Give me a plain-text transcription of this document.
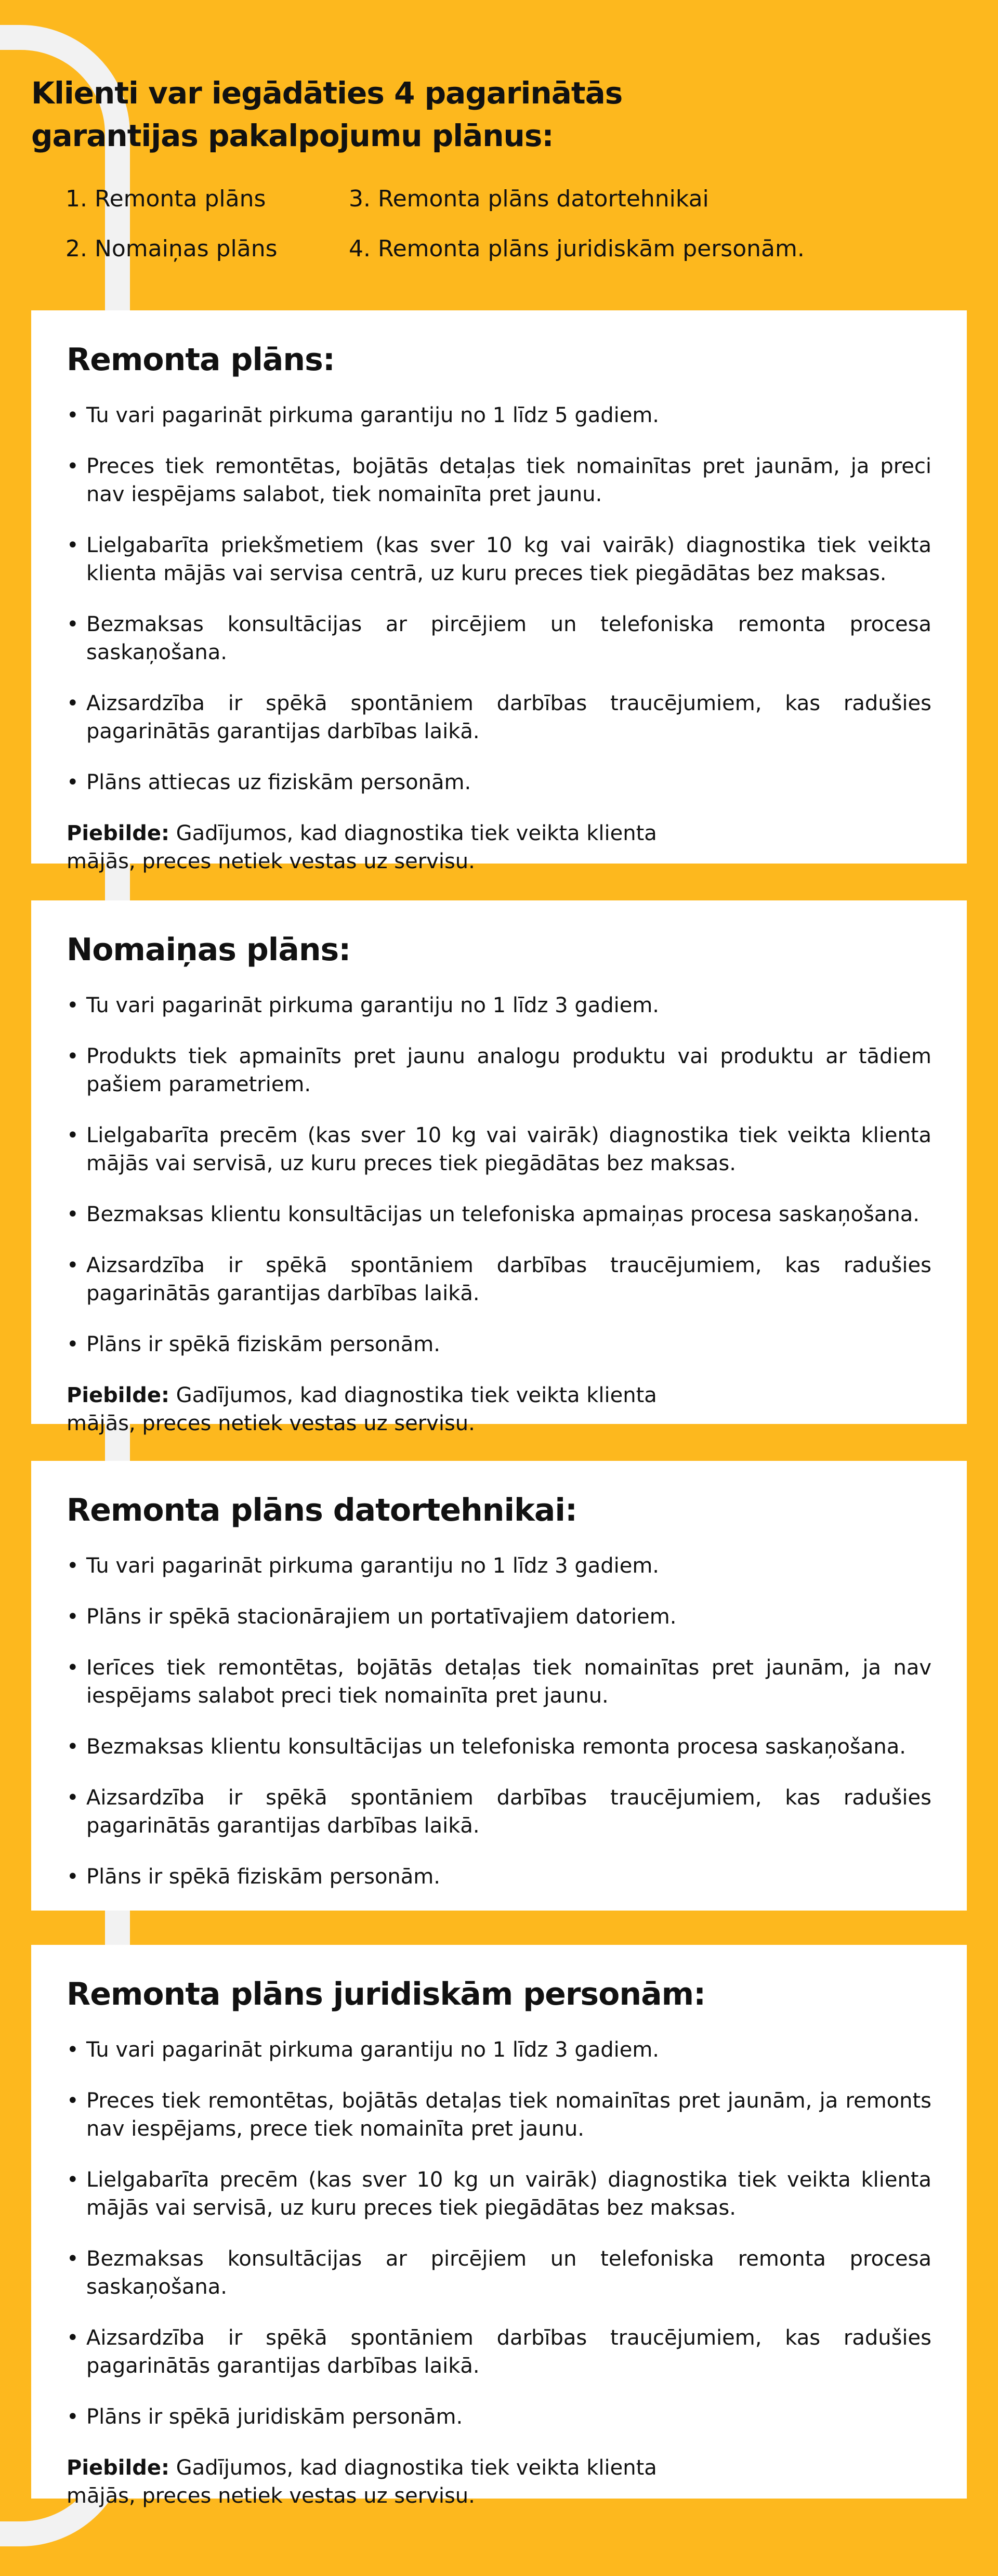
Klienti var iegādāties 4 pagarinātās garantijas pakalpojumu plānus:
1. Remonta plāns	3. Remonta plāns datortehnikai
2. Nomaiņas plāns	4. Remonta plāns juridiskām personām.
Remonta plāns:
• Tu vari pagarināt pirkuma garantiju no 1 līdz 5 gadiem.
• Preces tiek remontētas, bojātās detaļas tiek nomainītas pret jaunām, ja preci nav iespējams salabot, tiek nomainīta pret jaunu.
• Lielgabarīta priekšmetiem (kas sver 10 kg vai vairāk) diagnostika tiek veikta klienta mājās vai servisa centrā, uz kuru preces tiek piegādātas bez maksas.
• Bezmaksas konsultācijas ar pircējiem un telefoniska remonta procesa saskaņošana.
• Aizsardzība ir spēkā spontāniem darbības traucējumiem, kas radušies pagarinātās garantijas darbības laikā.
• Plāns attiecas uz fiziskām personām.
Piebilde: Gadījumos, kad diagnostika tiek veikta klienta mājās, preces netiek vestas uz servisu.
Nomaiņas plāns:
• Tu vari pagarināt pirkuma garantiju no 1 līdz 3 gadiem.
• Produkts tiek apmainīts pret jaunu analogu produktu vai produktu ar tādiem pašiem parametriem.
• Lielgabarīta precēm (kas sver 10 kg vai vairāk) diagnostika tiek veikta klienta mājās vai servisā, uz kuru preces tiek piegādātas bez maksas.
• Bezmaksas klientu konsultācijas un telefoniska apmaiņas procesa saskaņošana.
• Aizsardzība ir spēkā spontāniem darbības traucējumiem, kas radušies pagarinātās garantijas darbības laikā.
• Plāns ir spēkā fiziskām personām.
Piebilde: Gadījumos, kad diagnostika tiek veikta klienta mājās, preces netiek vestas uz servisu.
Remonta plāns datortehnikai:
• Tu vari pagarināt pirkuma garantiju no 1 līdz 3 gadiem.
• Plāns ir spēkā stacionārajiem un portatīvajiem datoriem.
• Ierīces tiek remontētas, bojātās detaļas tiek nomainītas pret jaunām, ja nav iespējams salabot preci tiek nomainīta pret jaunu.
• Bezmaksas klientu konsultācijas un telefoniska remonta procesa saskaņošana.
• Aizsardzība ir spēkā spontāniem darbības traucējumiem, kas radušies pagarinātās garantijas darbības laikā.
• Plāns ir spēkā fiziskām personām.
Remonta plāns juridiskām personām:
• Tu vari pagarināt pirkuma garantiju no 1 līdz 3 gadiem.
• Preces tiek remontētas, bojātās detaļas tiek nomainītas pret jaunām, ja remonts nav iespējams, prece tiek nomainīta pret jaunu.
• Lielgabarīta precēm (kas sver 10 kg un vairāk) diagnostika tiek veikta klienta mājās vai servisā, uz kuru preces tiek piegādātas bez maksas.
• Bezmaksas konsultācijas ar pircējiem un telefoniska remonta procesa saskaņošana.
• Aizsardzība ir spēkā spontāniem darbības traucējumiem, kas radušies pagarinātās garantijas darbības laikā.
• Plāns ir spēkā juridiskām personām.
Piebilde: Gadījumos, kad diagnostika tiek veikta klienta mājās, preces netiek vestas uz servisu.
